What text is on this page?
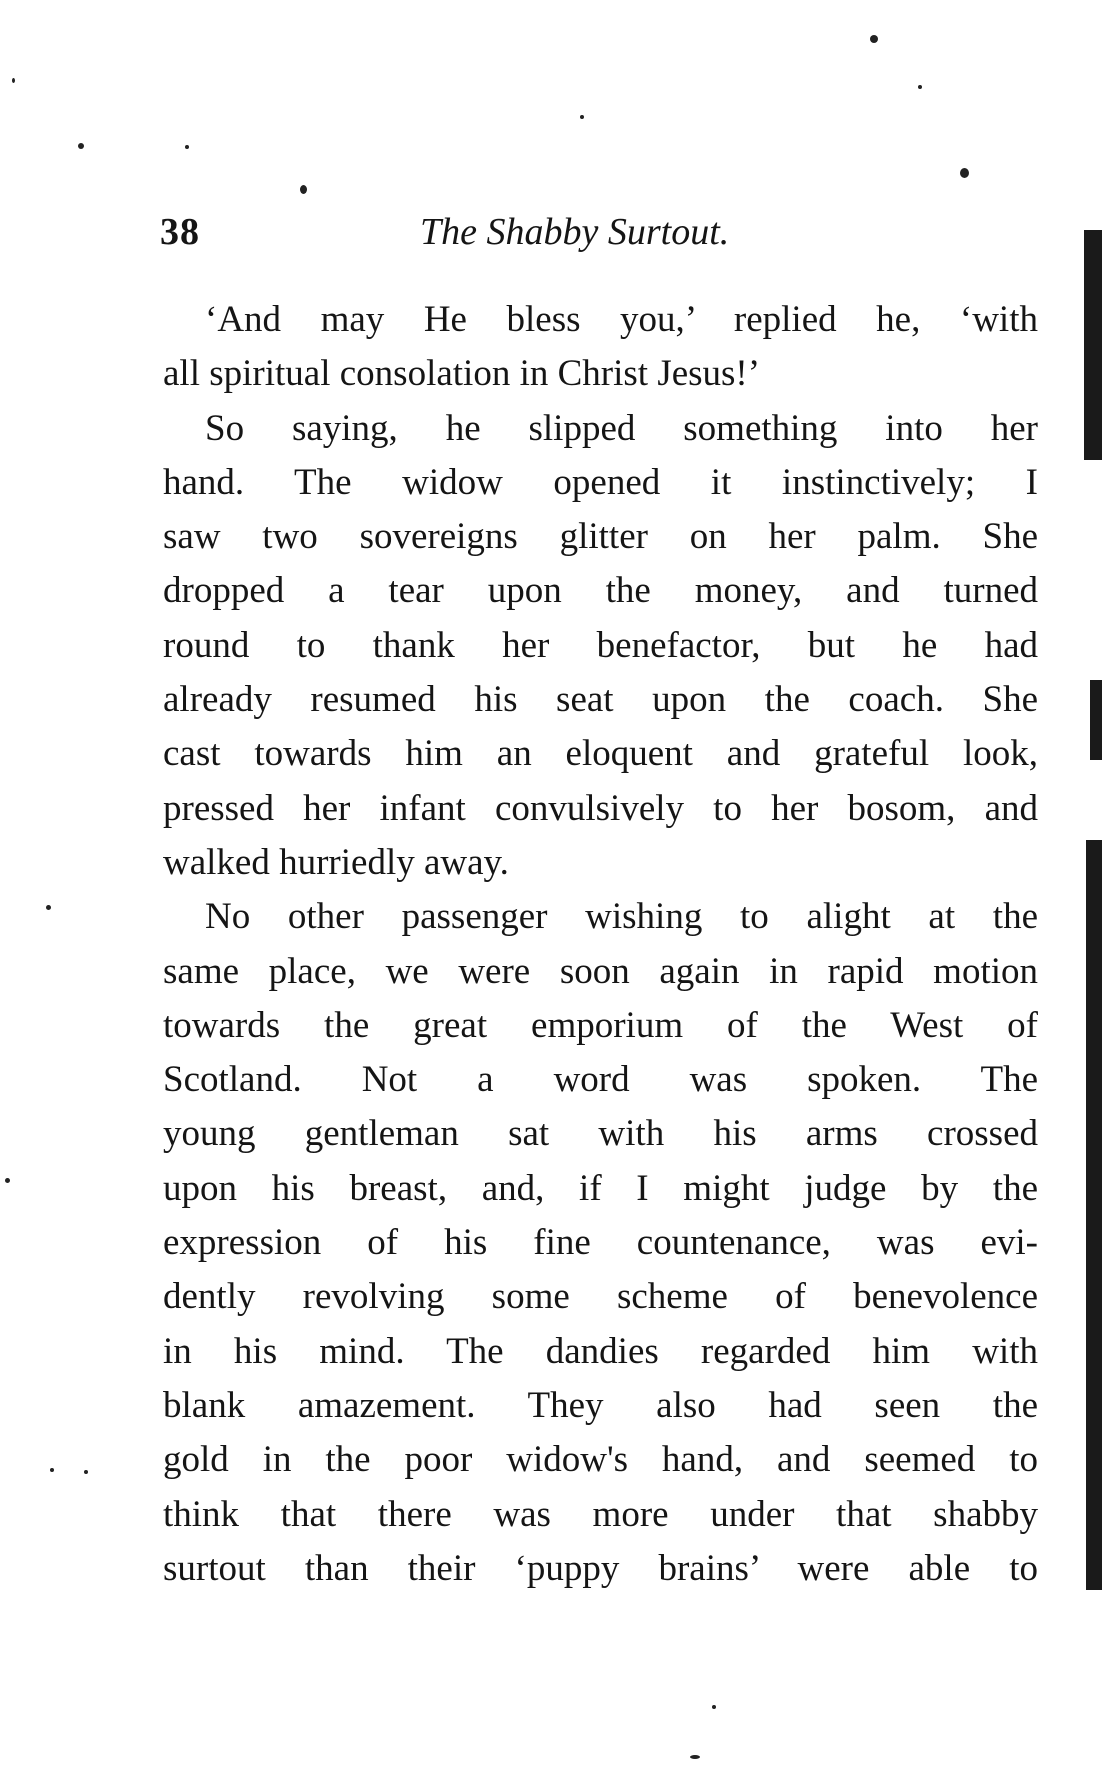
38	The Shabby Surtout.
‘And may He bless you,’ replied he, ‘with
all spiritual consolation in Christ Jesus!’
So saying, he slipped something into her
hand. The widow opened it instinctively; I
saw two sovereigns glitter on her palm. She
dropped a tear upon the money, and turned
round to thank her benefactor, but he had
already resumed his seat upon the coach. She
cast towards him an eloquent and grateful look,
pressed her infant convulsively to her bosom, and
walked hurriedly away.
No other passenger wishing to alight at the
same place, we were soon again in rapid motion
towards the great emporium of the West of
Scotland. Not a word was spoken. The
young gentleman sat with his arms crossed
upon his breast, and, if I might judge by the
expression of his fine countenance, was evi-
dently revolving some scheme of benevolence
in his mind. The dandies regarded him with
blank amazement. They also had seen the
gold in the poor widow's hand, and seemed to
think that there was more under that shabby
surtout than their ‘puppy brains’ were able to
